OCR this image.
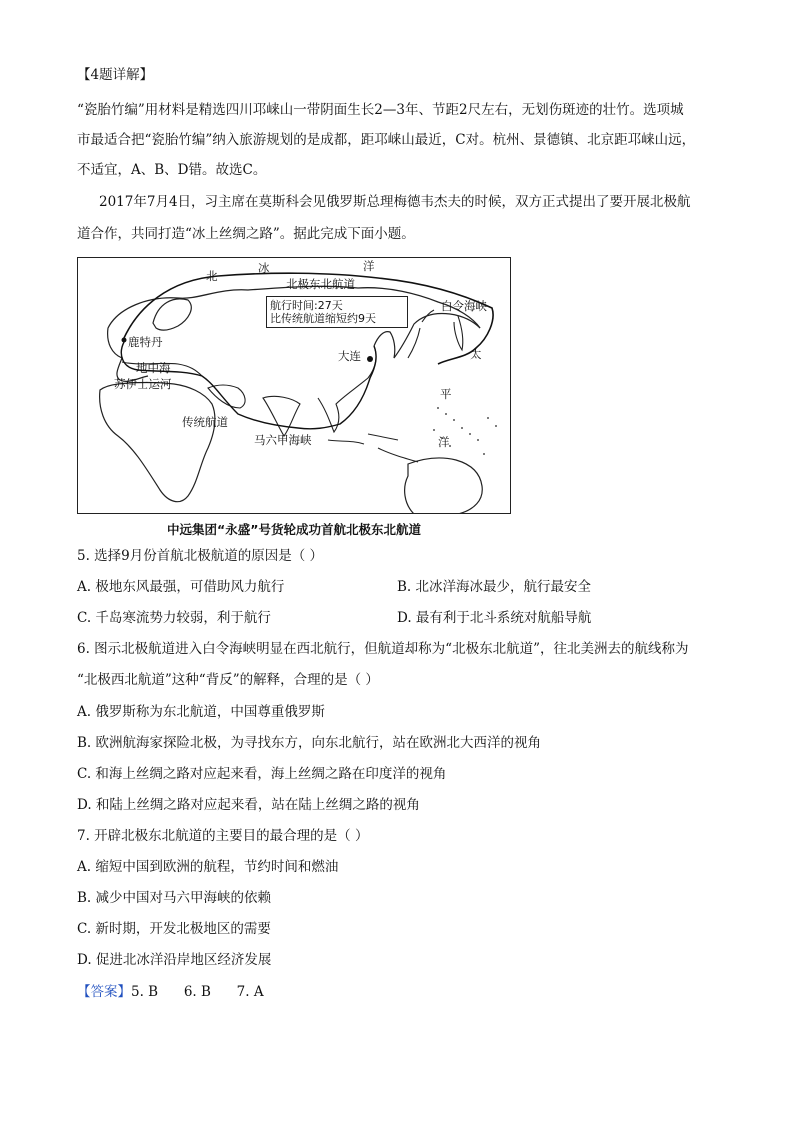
【4题详解】
“瓷胎竹编”用材料是精选四川邛崃山一带阴面生长2—3年、节距2尺左右，无划伤斑迹的壮竹。选项城
市最适合把“瓷胎竹编”纳入旅游规划的是成都，距邛崃山最近，C对。杭州、景德镇、北京距邛崃山远，
不适宜，A、B、D错。故选C。
2017年7月4日，习主席在莫斯科会见俄罗斯总理梅德韦杰夫的时候，双方正式提出了要开展北极航
道合作，共同打造“冰上丝绸之路”。据此完成下面小题。
北
冰	洋
北极东北航道
白令海峡
航行时间:27天
比传统航道缩短约9天
鹿特丹
大连
地中海
苏伊士运河
传统航道
马六甲海峡
太
平
洋
中远集团“永盛”号货轮成功首航北极东北航道
5. 选择9月份首航北极航道的原因是（ ）
A. 极地东风最强，可借助风力航行	B. 北冰洋海冰最少，航行最安全
C. 千岛寒流势力较弱，利于航行	D. 最有利于北斗系统对航船导航
6. 图示北极航道进入白令海峡明显在西北航行，但航道却称为“北极东北航道”，往北美洲去的航线称为
“北极西北航道”这种“背反”的解释，合理的是（ ）
A. 俄罗斯称为东北航道，中国尊重俄罗斯
B. 欧洲航海家探险北极，为寻找东方，向东北航行，站在欧洲北大西洋的视角
C. 和海上丝绸之路对应起来看，海上丝绸之路在印度洋的视角
D. 和陆上丝绸之路对应起来看，站在陆上丝绸之路的视角
7. 开辟北极东北航道的主要目的最合理的是（ ）
A. 缩短中国到欧洲的航程，节约时间和燃油
B. 减少中国对马六甲海峡的依赖
C. 新时期，开发北极地区的需要
D. 促进北冰洋沿岸地区经济发展
【答案】5. B      6. B      7. A
